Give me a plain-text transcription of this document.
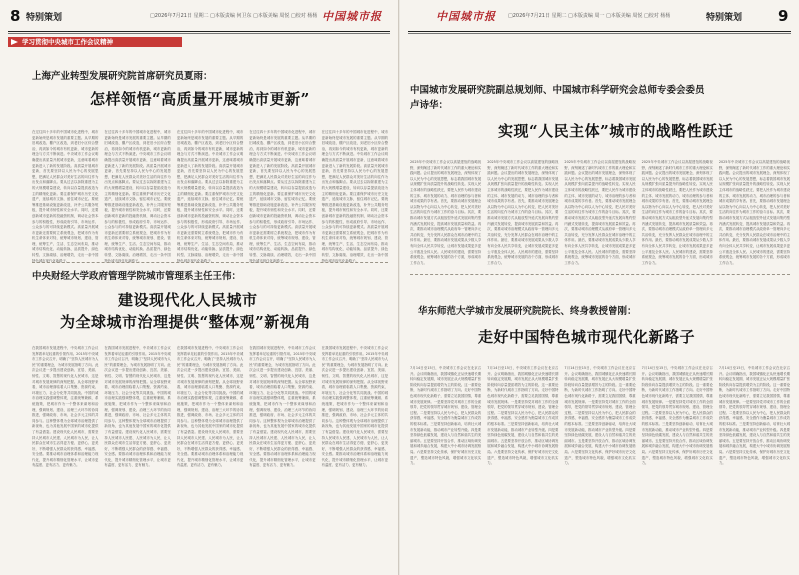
8 特别策划	□2026年7月21日 星期二 □本版责编 何卫东 □本版美编 周悦 □校对 杨杨 中国城市报
学习贯彻中央城市工作会议精神
上海产业转型发展研究院首席研究员夏雨：
怎样领悟“高质量开展城市更新”
在过往四十多年的中国城市化进程中，城市更新始终是城市发展的重要主题。从早期的旧城改造、棚户区改造，到老旧小区综合整治，再到如今的城市有机更新，城市更新的理念与方式不断演进。中央城市工作会议明确提出高质量开展城市更新，这意味着城市更新进入了新的发展阶段。高质量开展城市更新，首先要坚持以人民为中心的发展思想，把满足人民群众对美好生活的向往作为出发点和落脚点。要从过去以拆除重建为主的大规模增量建设，转向以存量提质改造为主的精细化更新。要注重保护城市历史文化遗产，延续城市文脉，留住城市记忆。要统筹推进基础设施更新改造，补齐公共服务短板，提升城市韧性和安全水平。同时，还要创新城市更新的投融资机制，调动社会资本参与的积极性，形成政府引导、市场运作、公众参与的可持续更新模式。高质量开展城市更新还需要树立系统观念，把城市作为有机生命体来对待，统筹城市规划、建设、管理，统筹生产、生活、生态空间布局，推动城市结构优化、动能转换、品质提升、绿色转型、文脉赓续、治理增效，走出一条中国特色城市现代化新路子。
在过往四十多年的中国城市化进程中，城市更新始终是城市发展的重要主题。从早期的旧城改造、棚户区改造，到老旧小区综合整治，再到如今的城市有机更新，城市更新的理念与方式不断演进。中央城市工作会议明确提出高质量开展城市更新，这意味着城市更新进入了新的发展阶段。高质量开展城市更新，首先要坚持以人民为中心的发展思想，把满足人民群众对美好生活的向往作为出发点和落脚点。要从过去以拆除重建为主的大规模增量建设，转向以存量提质改造为主的精细化更新。要注重保护城市历史文化遗产，延续城市文脉，留住城市记忆。要统筹推进基础设施更新改造，补齐公共服务短板，提升城市韧性和安全水平。同时，还要创新城市更新的投融资机制，调动社会资本参与的积极性，形成政府引导、市场运作、公众参与的可持续更新模式。高质量开展城市更新还需要树立系统观念，把城市作为有机生命体来对待，统筹城市规划、建设、管理，统筹生产、生活、生态空间布局，推动城市结构优化、动能转换、品质提升、绿色转型、文脉赓续、治理增效，走出一条中国特色城市现代化新路子。
在过往四十多年的中国城市化进程中，城市更新始终是城市发展的重要主题。从早期的旧城改造、棚户区改造，到老旧小区综合整治，再到如今的城市有机更新，城市更新的理念与方式不断演进。中央城市工作会议明确提出高质量开展城市更新，这意味着城市更新进入了新的发展阶段。高质量开展城市更新，首先要坚持以人民为中心的发展思想，把满足人民群众对美好生活的向往作为出发点和落脚点。要从过去以拆除重建为主的大规模增量建设，转向以存量提质改造为主的精细化更新。要注重保护城市历史文化遗产，延续城市文脉，留住城市记忆。要统筹推进基础设施更新改造，补齐公共服务短板，提升城市韧性和安全水平。同时，还要创新城市更新的投融资机制，调动社会资本参与的积极性，形成政府引导、市场运作、公众参与的可持续更新模式。高质量开展城市更新还需要树立系统观念，把城市作为有机生命体来对待，统筹城市规划、建设、管理，统筹生产、生活、生态空间布局，推动城市结构优化、动能转换、品质提升、绿色转型、文脉赓续、治理增效，走出一条中国特色城市现代化新路子。
在过往四十多年的中国城市化进程中，城市更新始终是城市发展的重要主题。从早期的旧城改造、棚户区改造，到老旧小区综合整治，再到如今的城市有机更新，城市更新的理念与方式不断演进。中央城市工作会议明确提出高质量开展城市更新，这意味着城市更新进入了新的发展阶段。高质量开展城市更新，首先要坚持以人民为中心的发展思想，把满足人民群众对美好生活的向往作为出发点和落脚点。要从过去以拆除重建为主的大规模增量建设，转向以存量提质改造为主的精细化更新。要注重保护城市历史文化遗产，延续城市文脉，留住城市记忆。要统筹推进基础设施更新改造，补齐公共服务短板，提升城市韧性和安全水平。同时，还要创新城市更新的投融资机制，调动社会资本参与的积极性，形成政府引导、市场运作、公众参与的可持续更新模式。高质量开展城市更新还需要树立系统观念，把城市作为有机生命体来对待，统筹城市规划、建设、管理，统筹生产、生活、生态空间布局，推动城市结构优化、动能转换、品质提升、绿色转型、文脉赓续、治理增效，走出一条中国特色城市现代化新路子。
在过往四十多年的中国城市化进程中，城市更新始终是城市发展的重要主题。从早期的旧城改造、棚户区改造，到老旧小区综合整治，再到如今的城市有机更新，城市更新的理念与方式不断演进。中央城市工作会议明确提出高质量开展城市更新，这意味着城市更新进入了新的发展阶段。高质量开展城市更新，首先要坚持以人民为中心的发展思想，把满足人民群众对美好生活的向往作为出发点和落脚点。要从过去以拆除重建为主的大规模增量建设，转向以存量提质改造为主的精细化更新。要注重保护城市历史文化遗产，延续城市文脉，留住城市记忆。要统筹推进基础设施更新改造，补齐公共服务短板，提升城市韧性和安全水平。同时，还要创新城市更新的投融资机制，调动社会资本参与的积极性，形成政府引导、市场运作、公众参与的可持续更新模式。高质量开展城市更新还需要树立系统观念，把城市作为有机生命体来对待，统筹城市规划、建设、管理，统筹生产、生活、生态空间布局，推动城市结构优化、动能转换、品质提升、绿色转型、文脉赓续、治理增效，走出一条中国特色城市现代化新路子。
中央财经大学政府管理学院城市管理系主任王伟：
建设现代化人民城市
为全球城市治理提供“整体观”新视角
在我国城市发展进程中，中央城市工作会议发挥着举足轻重的引领作用。2015年中央城市工作会议召开，明确了“坚持人民城市为人民”的重要理念，为城市发展指明了方向。此次会议进一步提出建设创新、宜居、美丽、韧性、文明、智慧的现代化人民城市，这是对城市发展规律的深刻把握。从全球视野来看，城市治理面临着人口集聚、资源约束、环境压力、社会分化等共同挑战。中国的城市治理实践强调整体观，注重统筹兼顾、系统施策，把城市作为一个整体来谋划和治理，强调规划、建设、治理三大环节的协同推进，强调政府、市场、社会多元主体的共同参与。这种整体观为全球城市治理提供了新视角，也为其他发展中国家的城市化提供了有益借鉴。建设现代化人民城市，需要坚持人民城市人民建、人民城市为人民，让人民群众在城市生活得更方便、更舒心、更美好，不断增强人民群众的获得感、幸福感、安全感。要推动城市治理体系和治理能力现代化，提升城市精细化管理水平，让城市更有温度、更有活力、更有魅力。
在我国城市发展进程中，中央城市工作会议发挥着举足轻重的引领作用。2015年中央城市工作会议召开，明确了“坚持人民城市为人民”的重要理念，为城市发展指明了方向。此次会议进一步提出建设创新、宜居、美丽、韧性、文明、智慧的现代化人民城市，这是对城市发展规律的深刻把握。从全球视野来看，城市治理面临着人口集聚、资源约束、环境压力、社会分化等共同挑战。中国的城市治理实践强调整体观，注重统筹兼顾、系统施策，把城市作为一个整体来谋划和治理，强调规划、建设、治理三大环节的协同推进，强调政府、市场、社会多元主体的共同参与。这种整体观为全球城市治理提供了新视角，也为其他发展中国家的城市化提供了有益借鉴。建设现代化人民城市，需要坚持人民城市人民建、人民城市为人民，让人民群众在城市生活得更方便、更舒心、更美好，不断增强人民群众的获得感、幸福感、安全感。要推动城市治理体系和治理能力现代化，提升城市精细化管理水平，让城市更有温度、更有活力、更有魅力。
在我国城市发展进程中，中央城市工作会议发挥着举足轻重的引领作用。2015年中央城市工作会议召开，明确了“坚持人民城市为人民”的重要理念，为城市发展指明了方向。此次会议进一步提出建设创新、宜居、美丽、韧性、文明、智慧的现代化人民城市，这是对城市发展规律的深刻把握。从全球视野来看，城市治理面临着人口集聚、资源约束、环境压力、社会分化等共同挑战。中国的城市治理实践强调整体观，注重统筹兼顾、系统施策，把城市作为一个整体来谋划和治理，强调规划、建设、治理三大环节的协同推进，强调政府、市场、社会多元主体的共同参与。这种整体观为全球城市治理提供了新视角，也为其他发展中国家的城市化提供了有益借鉴。建设现代化人民城市，需要坚持人民城市人民建、人民城市为人民，让人民群众在城市生活得更方便、更舒心、更美好，不断增强人民群众的获得感、幸福感、安全感。要推动城市治理体系和治理能力现代化，提升城市精细化管理水平，让城市更有温度、更有活力、更有魅力。
在我国城市发展进程中，中央城市工作会议发挥着举足轻重的引领作用。2015年中央城市工作会议召开，明确了“坚持人民城市为人民”的重要理念，为城市发展指明了方向。此次会议进一步提出建设创新、宜居、美丽、韧性、文明、智慧的现代化人民城市，这是对城市发展规律的深刻把握。从全球视野来看，城市治理面临着人口集聚、资源约束、环境压力、社会分化等共同挑战。中国的城市治理实践强调整体观，注重统筹兼顾、系统施策，把城市作为一个整体来谋划和治理，强调规划、建设、治理三大环节的协同推进，强调政府、市场、社会多元主体的共同参与。这种整体观为全球城市治理提供了新视角，也为其他发展中国家的城市化提供了有益借鉴。建设现代化人民城市，需要坚持人民城市人民建、人民城市为人民，让人民群众在城市生活得更方便、更舒心、更美好，不断增强人民群众的获得感、幸福感、安全感。要推动城市治理体系和治理能力现代化，提升城市精细化管理水平，让城市更有温度、更有活力、更有魅力。
在我国城市发展进程中，中央城市工作会议发挥着举足轻重的引领作用。2015年中央城市工作会议召开，明确了“坚持人民城市为人民”的重要理念，为城市发展指明了方向。此次会议进一步提出建设创新、宜居、美丽、韧性、文明、智慧的现代化人民城市，这是对城市发展规律的深刻把握。从全球视野来看，城市治理面临着人口集聚、资源约束、环境压力、社会分化等共同挑战。中国的城市治理实践强调整体观，注重统筹兼顾、系统施策，把城市作为一个整体来谋划和治理，强调规划、建设、治理三大环节的协同推进，强调政府、市场、社会多元主体的共同参与。这种整体观为全球城市治理提供了新视角，也为其他发展中国家的城市化提供了有益借鉴。建设现代化人民城市，需要坚持人民城市人民建、人民城市为人民，让人民群众在城市生活得更方便、更舒心、更美好，不断增强人民群众的获得感、幸福感、安全感。要推动城市治理体系和治理能力现代化，提升城市精细化管理水平，让城市更有温度、更有活力、更有魅力。
中国城市报 □2026年7月21日 星期二 □本版责编 周一 □本版美编 周悦 □校对 杨杨	特别策划 9
中国城市发展研究院副总规划师、中国城市科学研究会总师专委会委员
卢诗华：
实现“人民主体”城市的战略性跃迁
2025年中央城市工作会议以高屋建瓴的战略视野，深刻阐述了新时代城市工作的重大理论和实践问题。会议提出的城市发展理念，深刻体现了以人民为中心的发展思想，标志着我国城市发展从规模扩张向质量提升的战略性转变。实现人民主体城市的战略性跃迁，要把人民作为城市建设的主体、城市发展的动力、城市治理的参与者和城市成果的享有者。首先，要推动城市发展理念从以物为中心向以人为中心转变，把人民对美好生活的向往作为城市工作的奋斗目标。其次，要推动城市发展方式从粗放型外延式发展向集约型内涵式发展转变，提高城市发展质量和效益。再次，要推动城市治理模式从政府单一管理向多元共治转变，充分发挥人民群众在城市治理中的主体作用。最后，要推动城市发展成果从少数人享有向全体人民共享转变，让城市发展成果更多更公平惠及全体人民。人民城市的建设，需要坚持系统观念，统筹城市发展的各个方面，形成城市工作合力。
2025年中央城市工作会议以高屋建瓴的战略视野，深刻阐述了新时代城市工作的重大理论和实践问题。会议提出的城市发展理念，深刻体现了以人民为中心的发展思想，标志着我国城市发展从规模扩张向质量提升的战略性转变。实现人民主体城市的战略性跃迁，要把人民作为城市建设的主体、城市发展的动力、城市治理的参与者和城市成果的享有者。首先，要推动城市发展理念从以物为中心向以人为中心转变，把人民对美好生活的向往作为城市工作的奋斗目标。其次，要推动城市发展方式从粗放型外延式发展向集约型内涵式发展转变，提高城市发展质量和效益。再次，要推动城市治理模式从政府单一管理向多元共治转变，充分发挥人民群众在城市治理中的主体作用。最后，要推动城市发展成果从少数人享有向全体人民共享转变，让城市发展成果更多更公平惠及全体人民。人民城市的建设，需要坚持系统观念，统筹城市发展的各个方面，形成城市工作合力。
2025年中央城市工作会议以高屋建瓴的战略视野，深刻阐述了新时代城市工作的重大理论和实践问题。会议提出的城市发展理念，深刻体现了以人民为中心的发展思想，标志着我国城市发展从规模扩张向质量提升的战略性转变。实现人民主体城市的战略性跃迁，要把人民作为城市建设的主体、城市发展的动力、城市治理的参与者和城市成果的享有者。首先，要推动城市发展理念从以物为中心向以人为中心转变，把人民对美好生活的向往作为城市工作的奋斗目标。其次，要推动城市发展方式从粗放型外延式发展向集约型内涵式发展转变，提高城市发展质量和效益。再次，要推动城市治理模式从政府单一管理向多元共治转变，充分发挥人民群众在城市治理中的主体作用。最后，要推动城市发展成果从少数人享有向全体人民共享转变，让城市发展成果更多更公平惠及全体人民。人民城市的建设，需要坚持系统观念，统筹城市发展的各个方面，形成城市工作合力。
2025年中央城市工作会议以高屋建瓴的战略视野，深刻阐述了新时代城市工作的重大理论和实践问题。会议提出的城市发展理念，深刻体现了以人民为中心的发展思想，标志着我国城市发展从规模扩张向质量提升的战略性转变。实现人民主体城市的战略性跃迁，要把人民作为城市建设的主体、城市发展的动力、城市治理的参与者和城市成果的享有者。首先，要推动城市发展理念从以物为中心向以人为中心转变，把人民对美好生活的向往作为城市工作的奋斗目标。其次，要推动城市发展方式从粗放型外延式发展向集约型内涵式发展转变，提高城市发展质量和效益。再次，要推动城市治理模式从政府单一管理向多元共治转变，充分发挥人民群众在城市治理中的主体作用。最后，要推动城市发展成果从少数人享有向全体人民共享转变，让城市发展成果更多更公平惠及全体人民。人民城市的建设，需要坚持系统观念，统筹城市发展的各个方面，形成城市工作合力。
2025年中央城市工作会议以高屋建瓴的战略视野，深刻阐述了新时代城市工作的重大理论和实践问题。会议提出的城市发展理念，深刻体现了以人民为中心的发展思想，标志着我国城市发展从规模扩张向质量提升的战略性转变。实现人民主体城市的战略性跃迁，要把人民作为城市建设的主体、城市发展的动力、城市治理的参与者和城市成果的享有者。首先，要推动城市发展理念从以物为中心向以人为中心转变，把人民对美好生活的向往作为城市工作的奋斗目标。其次，要推动城市发展方式从粗放型外延式发展向集约型内涵式发展转变，提高城市发展质量和效益。再次，要推动城市治理模式从政府单一管理向多元共治转变，充分发挥人民群众在城市治理中的主体作用。最后，要推动城市发展成果从少数人享有向全体人民共享转变，让城市发展成果更多更公平惠及全体人民。人民城市的建设，需要坚持系统观念，统筹城市发展的各个方面，形成城市工作合力。
华东师范大学城市发展研究院院长、终身教授曾刚：
走好中国特色城市现代化新路子
7月14日至15日，中央城市工作会议在北京召开。会议明确指出，我国城镇化正从快速增长期转向稳定发展期，城市发展正从大规模增量扩张阶段转向存量提质增效为主的阶段。这一重要论断，为新时代城市工作指明了方向。走好中国特色城市现代化新路子，需要立足我国国情，尊重城市发展规律。一是要坚持党对城市工作的全面领导，把党的领导贯穿城市规划、建设、管理全过程。二是要坚持以人民为中心，把人民群众的获得感、幸福感、安全感作为衡量城市工作成效的根本标准。三是要坚持创新驱动，培育壮大城市发展新动能，推动城市产业转型升级。四是要坚持绿色低碳发展，建设人与自然和谐共生的美丽城市。五是要坚持开放合作，推动区域协调发展和城乡融合发展，构建大中小城市协调发展格局。六是要坚持文化传承，保护好城市历史文化遗产，塑造城市特色风貌，增强城市文化软实力。
7月14日至15日，中央城市工作会议在北京召开。会议明确指出，我国城镇化正从快速增长期转向稳定发展期，城市发展正从大规模增量扩张阶段转向存量提质增效为主的阶段。这一重要论断，为新时代城市工作指明了方向。走好中国特色城市现代化新路子，需要立足我国国情，尊重城市发展规律。一是要坚持党对城市工作的全面领导，把党的领导贯穿城市规划、建设、管理全过程。二是要坚持以人民为中心，把人民群众的获得感、幸福感、安全感作为衡量城市工作成效的根本标准。三是要坚持创新驱动，培育壮大城市发展新动能，推动城市产业转型升级。四是要坚持绿色低碳发展，建设人与自然和谐共生的美丽城市。五是要坚持开放合作，推动区域协调发展和城乡融合发展，构建大中小城市协调发展格局。六是要坚持文化传承，保护好城市历史文化遗产，塑造城市特色风貌，增强城市文化软实力。
7月14日至15日，中央城市工作会议在北京召开。会议明确指出，我国城镇化正从快速增长期转向稳定发展期，城市发展正从大规模增量扩张阶段转向存量提质增效为主的阶段。这一重要论断，为新时代城市工作指明了方向。走好中国特色城市现代化新路子，需要立足我国国情，尊重城市发展规律。一是要坚持党对城市工作的全面领导，把党的领导贯穿城市规划、建设、管理全过程。二是要坚持以人民为中心，把人民群众的获得感、幸福感、安全感作为衡量城市工作成效的根本标准。三是要坚持创新驱动，培育壮大城市发展新动能，推动城市产业转型升级。四是要坚持绿色低碳发展，建设人与自然和谐共生的美丽城市。五是要坚持开放合作，推动区域协调发展和城乡融合发展，构建大中小城市协调发展格局。六是要坚持文化传承，保护好城市历史文化遗产，塑造城市特色风貌，增强城市文化软实力。
7月14日至15日，中央城市工作会议在北京召开。会议明确指出，我国城镇化正从快速增长期转向稳定发展期，城市发展正从大规模增量扩张阶段转向存量提质增效为主的阶段。这一重要论断，为新时代城市工作指明了方向。走好中国特色城市现代化新路子，需要立足我国国情，尊重城市发展规律。一是要坚持党对城市工作的全面领导，把党的领导贯穿城市规划、建设、管理全过程。二是要坚持以人民为中心，把人民群众的获得感、幸福感、安全感作为衡量城市工作成效的根本标准。三是要坚持创新驱动，培育壮大城市发展新动能，推动城市产业转型升级。四是要坚持绿色低碳发展，建设人与自然和谐共生的美丽城市。五是要坚持开放合作，推动区域协调发展和城乡融合发展，构建大中小城市协调发展格局。六是要坚持文化传承，保护好城市历史文化遗产，塑造城市特色风貌，增强城市文化软实力。
7月14日至15日，中央城市工作会议在北京召开。会议明确指出，我国城镇化正从快速增长期转向稳定发展期，城市发展正从大规模增量扩张阶段转向存量提质增效为主的阶段。这一重要论断，为新时代城市工作指明了方向。走好中国特色城市现代化新路子，需要立足我国国情，尊重城市发展规律。一是要坚持党对城市工作的全面领导，把党的领导贯穿城市规划、建设、管理全过程。二是要坚持以人民为中心，把人民群众的获得感、幸福感、安全感作为衡量城市工作成效的根本标准。三是要坚持创新驱动，培育壮大城市发展新动能，推动城市产业转型升级。四是要坚持绿色低碳发展，建设人与自然和谐共生的美丽城市。五是要坚持开放合作，推动区域协调发展和城乡融合发展，构建大中小城市协调发展格局。六是要坚持文化传承，保护好城市历史文化遗产，塑造城市特色风貌，增强城市文化软实力。
